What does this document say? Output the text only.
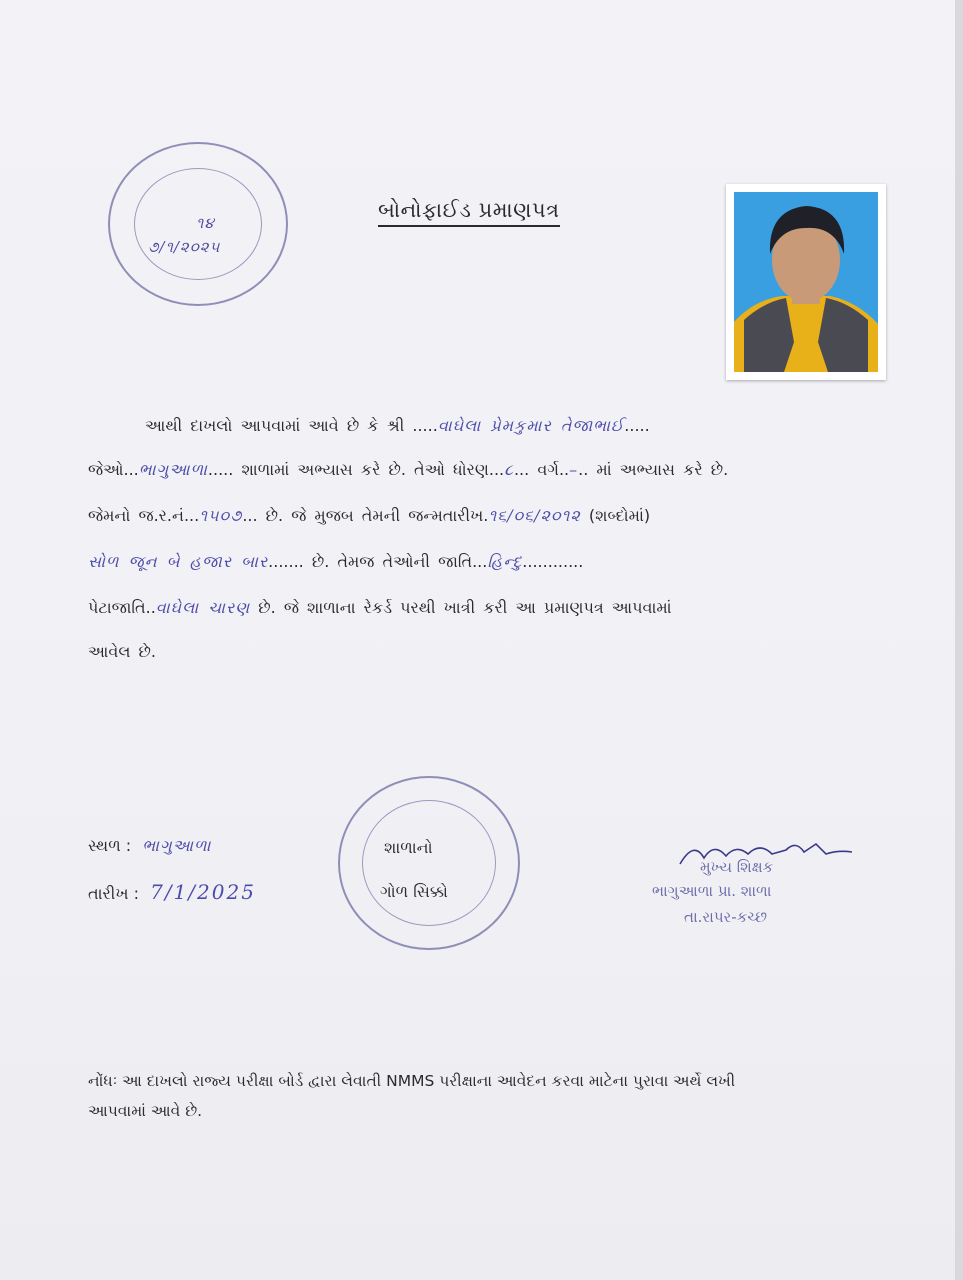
૧૪
૭/૧/૨૦૨૫
બોનોફાઈડ પ્રમાણપત્ર
આથી દાખલો આપવામાં આવે છે કે શ્રી .....વાઘેલા પ્રેમકુમાર તેજાભાઈ.....
જેઓ...ભાગુઆળા..... શાળામાં અભ્યાસ કરે છે. તેઓ ધોરણ...૮... વર્ગ..–.. માં અભ્યાસ કરે છે.
જેમનો જ.ર.નં...૧૫૦૭... છે. જે મુજબ તેમની જન્મતારીખ.૧૬/૦૬/૨૦૧૨ (શબ્દોમાં)
સોળ જૂન બે હજાર બાર....... છે. તેમજ તેઓની જાતિ...હિન્દુ............
પેટાજાતિ..વાઘેલા ચારણ છે. જે શાળાના રેકર્ડ પરથી ખાત્રી કરી આ પ્રમાણપત્ર આપવામાં
આવેલ છે.
સ્થળ : ભાગુઆળા
તારીખ : 7/1/2025
શાળાનો
ગોળ સિક્કો
મુખ્ય શિક્ષક
ભાગુઆળા પ્રા. શાળા
તા.રાપર-કચ્છ
નોંધઃ આ દાખલો રાજ્ય પરીક્ષા બોર્ડ દ્વારા લેવાતી NMMS પરીક્ષાના આવેદન કરવા માટેના પુરાવા અર્થે લખી
આપવામાં આવે છે.
